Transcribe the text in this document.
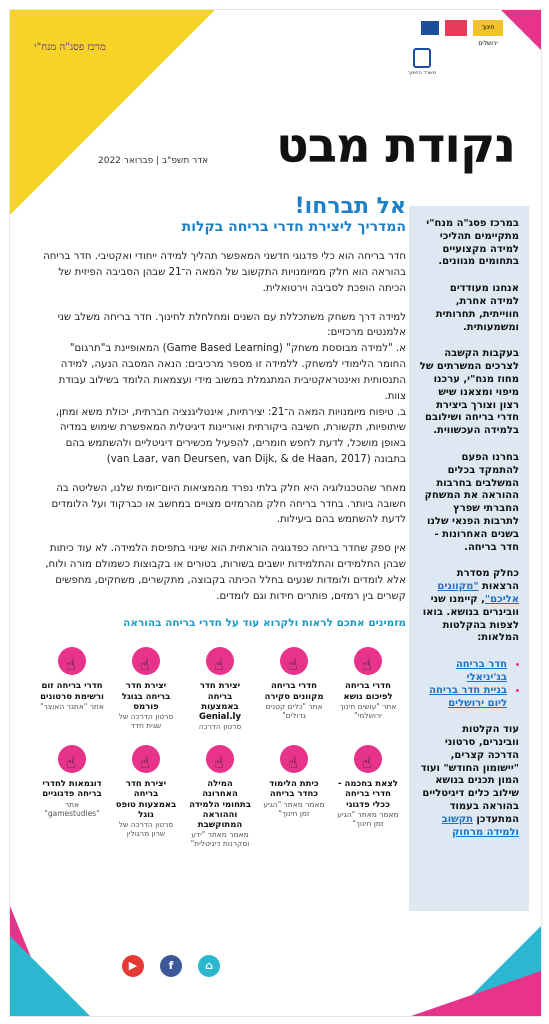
מרכז פסג"ה מנח"י
חינוך ירושלים
משרד החינוך
נקודת מבט
אדר תשפ"ב | פברואר 2022

במרכז פסג"ה מנח"י מתקיימים תהליכי למידה מקצועיים בתחומים מגוונים.

אנחנו מעודדים למידה אחרת, חווייתית, תחרותית ומשמעותית.

בעקבות הקשבה לצרכים המשרתים של מחוז מנח"י, ערכנו מיפוי ומצאנו שיש רצון וצורך ביצירת חדרי בריחה ושילובם בלמידה העכשווית.

בחרנו הפעם להתמקד בכלים המשלבים בחרבות ההוראה את המשחק החברתי שפרץ לתרבות הפנאי שלנו בשנים האחרונות - חדר בריחה.

כחלק מסדרת הרצאות "מקוונים אליכם", קיימנו שני וובינרים בנושא. בואו לצפות בהקלטות המלאות:

• חדר בריחה בג'יניאלי
• בניית חדר בריחה ליום ירושלים

עוד הקלטות וובינרים, סרטוני הדרכה קצרים, "יישומון החודש" ועוד המון תכנים בנושא שילוב כלים דיגיטליים בהוראה בעמוד המתעדכן תקשוב ולמידה מרחוק

אל תברחו!
המדריך ליצירת חדרי בריחה בקלות

חדר בריחה הוא כלי פדגוגי חדשני המאפשר תהליך למידה ייחודי ואקטיבי. חדר בריחה בהוראה הוא חלק ממיומנויות התקשוב של המאה ה־21 שבהן הסביבה הפיזית של הכיתה הופכת לסביבה וירטואלית.

למידה דרך משחק משתכללת עם השנים ומחלחלת לחינוך. חדר בריחה משלב שני אלמנטים מרכזיים:
א. "למידה מבוססת משחק" (Game Based Learning) המאופיינת ב"תרגום" החומר הלימודי למשחק. ללמידה זו מספר מרכיבים: הנאה המסבה הנעה, למידה התנסותית ואינטראקטיבית המתגמלת במשוב מידי ועצמאות הלומד בשילוב עבודת צוות.
ב. טיפוח מיומנויות המאה ה־21: יצירתיות, אינטליגנציה חברתית, יכולת משא ומתן, שיתופיות, תקשורת, חשיבה ביקורתית ואוריינות דיגיטלית המאפשרת שימוש במדיה באופן מושכל, לדעת לחפש חומרים, להפעיל מכשירים דיגיטליים ולהשתמש בהם בתבונה (van Laar, van Deursen, van Dijk, & de Haan, 2017)

מאחר שהטכנולוגיה היא חלק בלתי נפרד מהמציאות היום־יומית שלנו, השליטה בה חשובה ביותר. בחדר בריחה חלק מהרמזים מצויים במחשב או כברקוד ועל הלומדים לדעת להשתמש בהם ביעילות.

אין ספק שחדר בריחה כפדגוגיה הוראתית הוא שינוי בתפיסת הלמידה. לא עוד כיתות שבהן התלמידים והתלמידות יושבים בשורות, בטורים או בקבוצות כשמולם מורה ולוח, אלא לומדים ולומדות שנעים בחלל הכיתה בקבוצה, מתקשרים, משחקים, מחפשים קשרים בין רמזים, פותרים חידות וגם לומדים.

מזמינים אתכם לראות ולקרוא עוד על חדרי בריחה בהוראה
☝
חדרי בריחה לפיכום נושא
אתר "עושים חינוך ירושלמי"
☝
חדרי בריחה מקוונים סקירה
אתר "כלים קטנים גדולים"
☝
יצירת חדר בריחה באמצעות Genial.ly
סרטון הדרכה
☝
יצירת חדר בריחה בגוגל פורמס
סרטון הדרכה של שגית חדד
☝
חדרי בריחה זום ורשימת סרטונים
אתר "אתגר האוצר"
☝
לצאת בחכמה - חדרי בריחה ככלי פדגוגי
מאמר מאתר "הגיע זמן חינוך"
☝
כיתת הלימוד כחדר בריחה
מאמר מאתר "הגיע זמן חינוך"
☝
המילה האחרונה בתחומי הלמידה וההוראה המתוקשבת
מאמר מאתר "ידע וסקרנות דיגיטלית"
☝
יצירת חדר בריחה באמצעות טופס גוגל
סרטון הדרכה של שרון מרגולין
☝
דוגמאות לחדרי בריחה פדגוגיים
אתר "gamestudies"
▶	f	⌂
